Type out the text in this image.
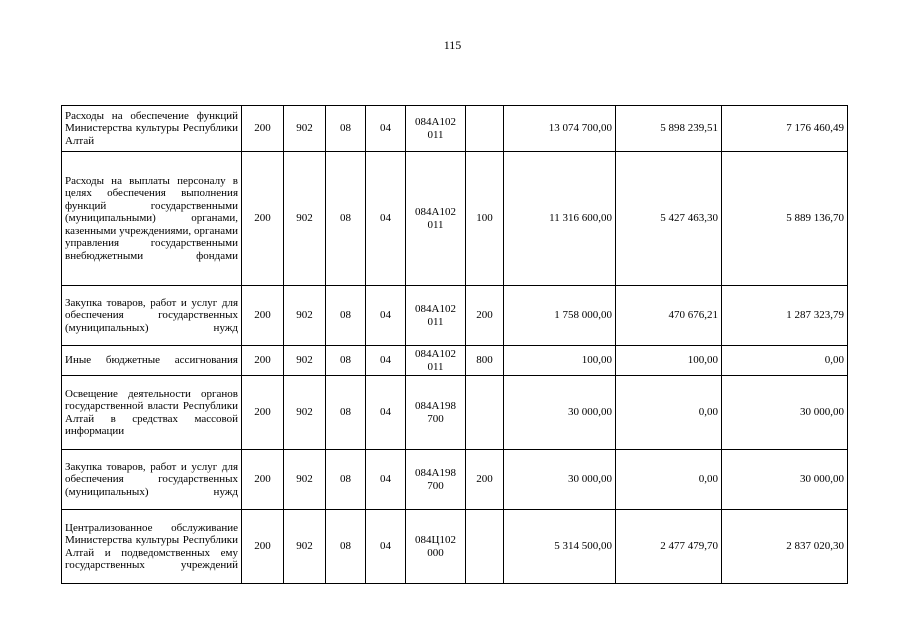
115
Расходы на обеспечение функций Министерства культуры Республики Алтай	200	902	08	04	084А102 011		13 074 700,00	5 898 239,51	7 176 460,49
Расходы на выплаты персоналу в целях обеспечения выполнения функций государственными (муниципальными) органами, казенными учреждениями, органами управления государственными внебюджетными фондами	200	902	08	04	084А102 011	100	11 316 600,00	5 427 463,30	5 889 136,70
Закупка товаров, работ и услуг для обеспечения государственных (муниципальных) нужд	200	902	08	04	084А102 011	200	1 758 000,00	470 676,21	1 287 323,79
Иные бюджетные ассигнования	200	902	08	04	084А102 011	800	100,00	100,00	0,00
Освещение деятельности органов государственной власти Республики Алтай в средствах массовой информации	200	902	08	04	084А198 700		30 000,00	0,00	30 000,00
Закупка товаров, работ и услуг для обеспечения государственных (муниципальных) нужд	200	902	08	04	084А198 700	200	30 000,00	0,00	30 000,00
Централизованное обслуживание Министерства культуры Республики Алтай и подведомственных ему государственных учреждений	200	902	08	04	084Ц102 000		5 314 500,00	2 477 479,70	2 837 020,30
